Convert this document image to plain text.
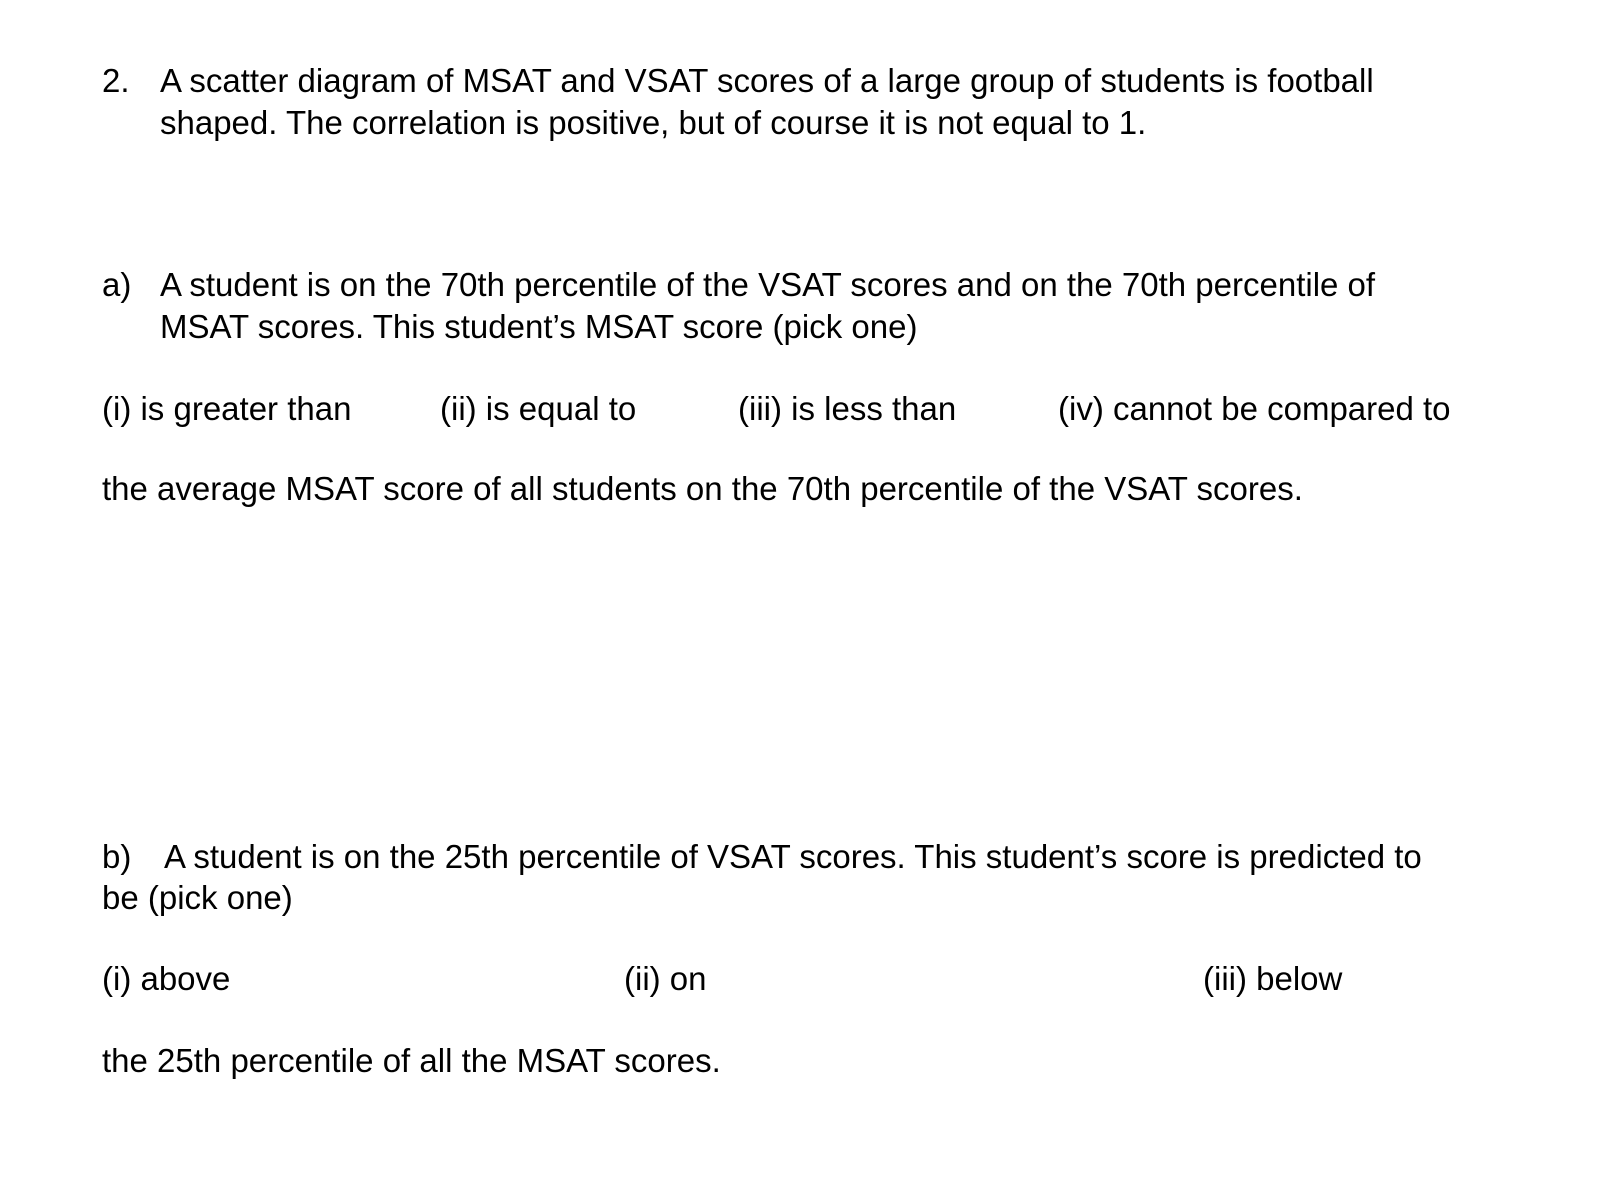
2. A scatter diagram of MSAT and VSAT scores of a large group of students is football
shaped. The correlation is positive, but of course it is not equal to 1.
a) A student is on the 70th percentile of the VSAT scores and on the 70th percentile of
MSAT scores. This student’s MSAT score (pick one)
(i) is greater than	(ii) is equal to	(iii) is less than	(iv) cannot be compared to
the average MSAT score of all students on the 70th percentile of the VSAT scores.
b) A student is on the 25th percentile of VSAT scores. This student’s score is predicted to
be (pick one)
(i) above	(ii) on	(iii) below
the 25th percentile of all the MSAT scores.
